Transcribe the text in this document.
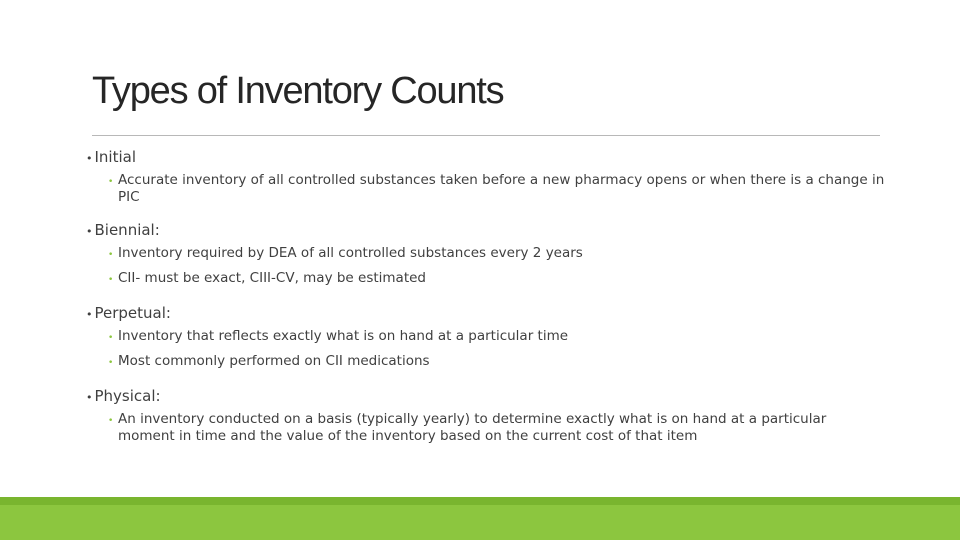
Types of Inventory Counts
• Initial
• Accurate inventory of all controlled substances taken before a new pharmacy opens or when there is a change in PIC
• Biennial:
• Inventory required by DEA of all controlled substances every 2 years
• CII- must be exact, CIII-CV, may be estimated
• Perpetual:
• Inventory that reflects exactly what is on hand at a particular time
• Most commonly performed on CII medications
• Physical:
• An inventory conducted on a basis (typically yearly) to determine exactly what is on hand at a particular moment in time and the value of the inventory based on the current cost of that item
